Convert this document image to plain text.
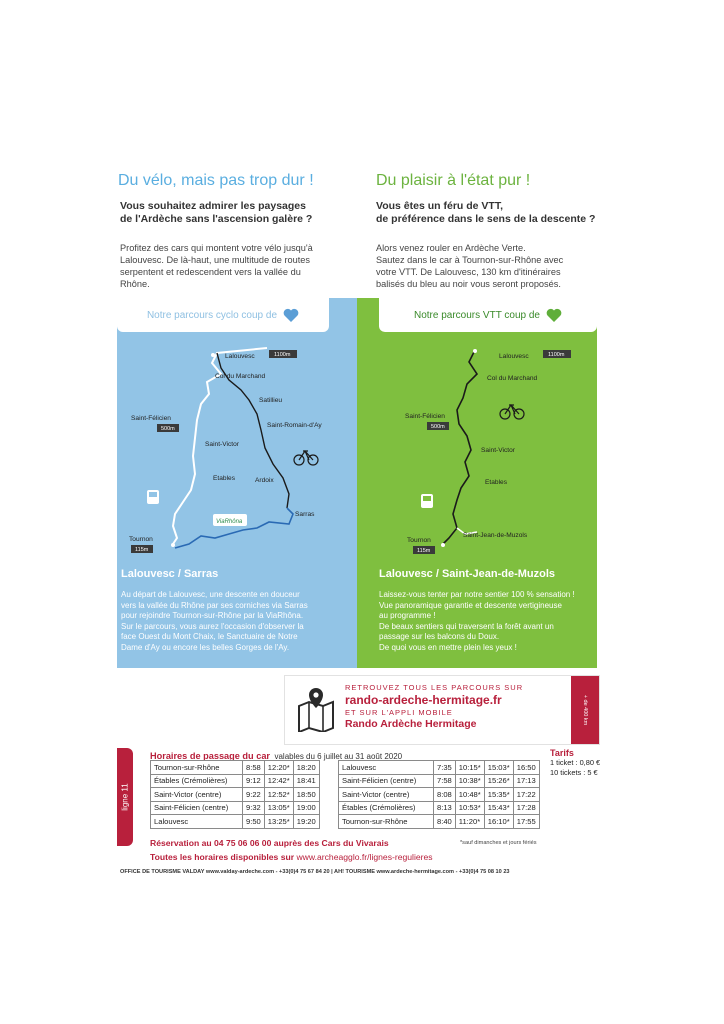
Du vélo, mais pas trop dur !
Vous souhaitez admirer les paysages
de l'Ardèche sans l'ascension galère ?
Profitez des cars qui montent votre vélo jusqu'à
Lalouvesc. De là-haut, une multitude de routes
serpentent et redescendent vers la vallée du
Rhône.
Du plaisir à l'état pur !
Vous êtes un féru de VTT,
de préférence dans le sens de la descente ?
Alors venez rouler en Ardèche Verte.
Sautez dans le car à Tournon-sur-Rhône avec
votre VTT. De Lalouvesc, 130 km d'itinéraires
balisés du bleu au noir vous seront proposés.
Notre parcours cyclo coup de
Lalouvesc	1100m
Col du Marchand
Satillieu
Saint-Félicien
500m	Saint-Romain-d'Ay
Saint-Victor
Etables	Ardoix
Sarras
Tournon
115m
ViaRhôna
Lalouvesc / Sarras
Au départ de Lalouvesc, une descente en douceur
vers la vallée du Rhône par ses corniches via Sarras
pour rejoindre Tournon-sur-Rhône par la ViaRhôna.
Sur le parcours, vous aurez l'occasion d'observer la
face Ouest du Mont Chaix, le Sanctuaire de Notre
Dame d'Ay ou encore les belles Gorges de l'Ay.
Notre parcours VTT coup de
Lalouvesc	1100m
Col du Marchand
Saint-Félicien
500m
Saint-Victor
Etables
Saint-Jean-de-Muzols
Tournon
115m
Lalouvesc / Saint-Jean-de-Muzols
Laissez-vous tenter par notre sentier 100 % sensation !
Vue panoramique garantie et descente vertigineuse
au programme !
De beaux sentiers qui traversent la forêt avant un
passage sur les balcons du Doux.
De quoi vous en mettre plein les yeux !
RETROUVEZ TOUS LES PARCOURS SUR
rando-ardeche-hermitage.fr
ET SUR L'APPLI MOBILE
Rando Ardèche Hermitage	+ de 400 km
ligne 11
Horaires de passage du car valables du 6 juillet au 31 août 2020
Tournon-sur-Rhône	8:58	12:20*	18:20
Étables (Crémolières)	9:12	12:42*	18:41
Saint-Victor (centre)	9:22	12:52*	18:50
Saint-Félicien (centre)	9:32	13:05*	19:00
Lalouvesc	9:50	13:25*	19:20
Lalouvesc	7:35	10:15*	15:03*	16:50
Saint-Félicien (centre)	7:58	10:38*	15:26*	17:13
Saint-Victor (centre)	8:08	10:48*	15:35*	17:22
Étables (Crémolières)	8:13	10:53*	15:43*	17:28
Tournon-sur-Rhône	8:40	11:20*	16:10*	17:55
Tarifs
1 ticket : 0,80 €
10 tickets : 5 €
Réservation au 04 75 06 06 00 auprès des Cars du Vivarais	*sauf dimanches et jours fériés
Toutes les horaires disponibles sur www.archeagglo.fr/lignes-regulieres
OFFICE DE TOURISME VALDAY www.valday-ardeche.com - +33(0)4 75 67 84 20 | AH! TOURISME www.ardeche-hermitage.com - +33(0)4 75 08 10 23
